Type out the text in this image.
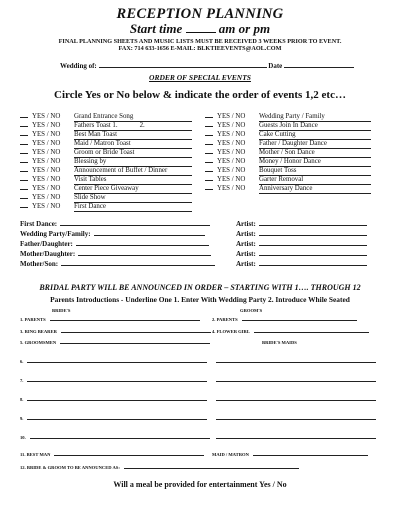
RECEPTION PLANNING
Start time	am or pm
FINAL PLANNING SHEETS AND MUSIC LISTS MUST BE RECEIVED 3 WEEKS PRIOR TO EVENT.
FAX: 714 633-1656 E-MAIL: BLKTIEEVENTS@AOL.COM
Wedding of:	Date
ORDER OF SPECIAL EVENTS
Circle Yes or No below & indicate the order of events 1,2 etc…
YES / NO Grand Entrance Song
YES / NO Fathers Toast 1.	2.
YES / NO Best Man Toast
YES / NO Maid / Matron Toast
YES / NO Groom or Bride Toast
YES / NO Blessing by
YES / NO Announcement of Buffet / Dinner
YES / NO Visit Tables
YES / NO Center Piece Giveaway
YES / NO Slide Show
YES / NO First Dance
YES / NO Wedding Party / Family
YES / NO Guests Join In Dance
YES / NO Cake Cutting
YES / NO Father / Daughter Dance
YES / NO Mother / Son Dance
YES / NO Money / Honor Dance
YES / NO Bouquet Toss
YES / NO Garter Removal
YES / NO Anniversary Dance
First Dance:	Artist:
Wedding Party/Family:	Artist:
Father/Daughter:	Artist:
Mother/Daughter:	Artist:
Mother/Son:	Artist:
BRIDAL PARTY WILL BE ANNOUNCED IN ORDER – STARTING WITH 1…. THROUGH 12
Parents Introductions - Underline One 1. Enter With Wedding Party 2. Introduce While Seated
BRIDE'S	GROOM'S
1. PARENTS	2. PARENTS
3. RING BEARER	4. FLOWER GIRL
5. GROOMSMEN	BRIDE'S MAIDS
6.
7.
8.
9.
10.
11. BEST MAN	MAID / MATRON
12. BRIDE & GROOM TO BE ANNOUNCED AS:
Will a meal be provided for entertainment Yes / No
